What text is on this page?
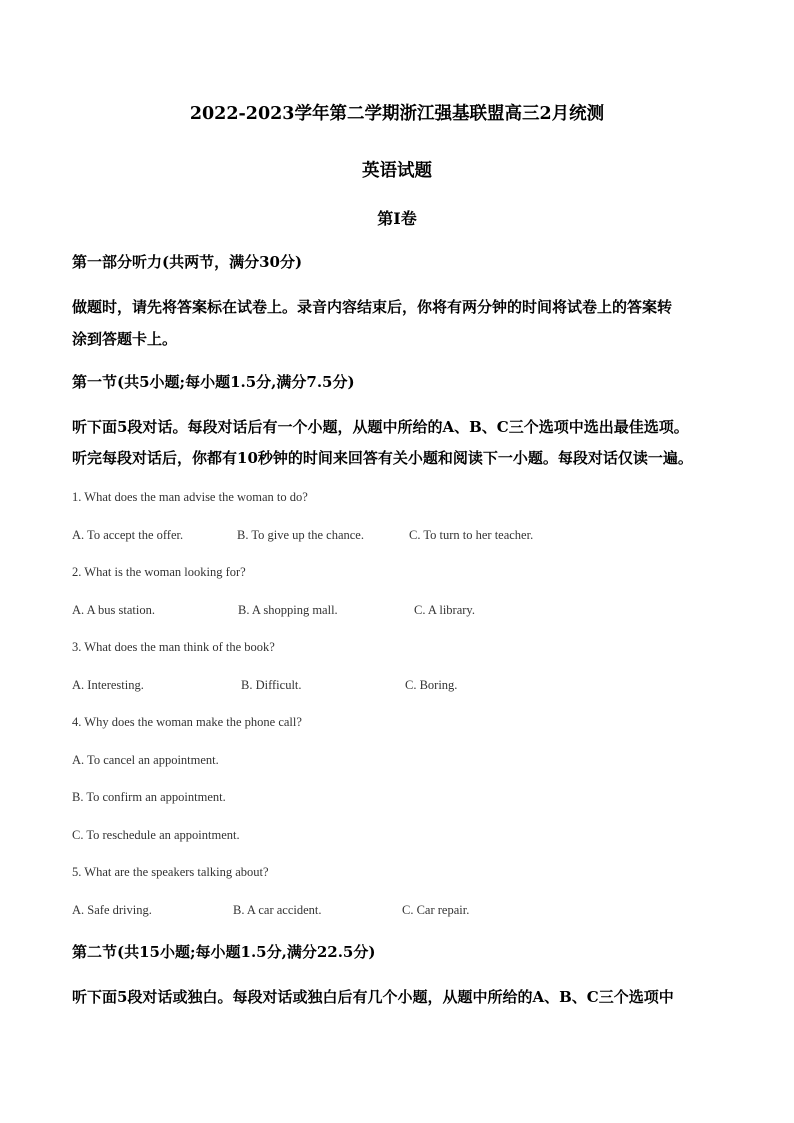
2022-2023学年第二学期浙江强基联盟高三2月统测
英语试题
第I卷
第一部分听力(共两节，满分30分)
做题时，请先将答案标在试卷上。录音内容结束后，你将有两分钟的时间将试卷上的答案转
涂到答题卡上。
第一节(共5小题;每小题1.5分,满分7.5分)
听下面5段对话。每段对话后有一个小题，从题中所给的A、B、C三个选项中选出最佳选项。
听完每段对话后，你都有10秒钟的时间来回答有关小题和阅读下一小题。每段对话仅读一遍。
1. What does the man advise the woman to do?
A. To accept the offer.	B. To give up the chance.	C. To turn to her teacher.
2. What is the woman looking for?
A. A bus station.	B. A shopping mall.	C. A library.
3. What does the man think of the book?
A. Interesting.	B. Difficult.	C. Boring.
4. Why does the woman make the phone call?
A. To cancel an appointment.
B. To confirm an appointment.
C. To reschedule an appointment.
5. What are the speakers talking about?
A. Safe driving.	B. A car accident.	C. Car repair.
第二节(共15小题;每小题1.5分,满分22.5分)
听下面5段对话或独白。每段对话或独白后有几个小题，从题中所给的A、B、C三个选项中
